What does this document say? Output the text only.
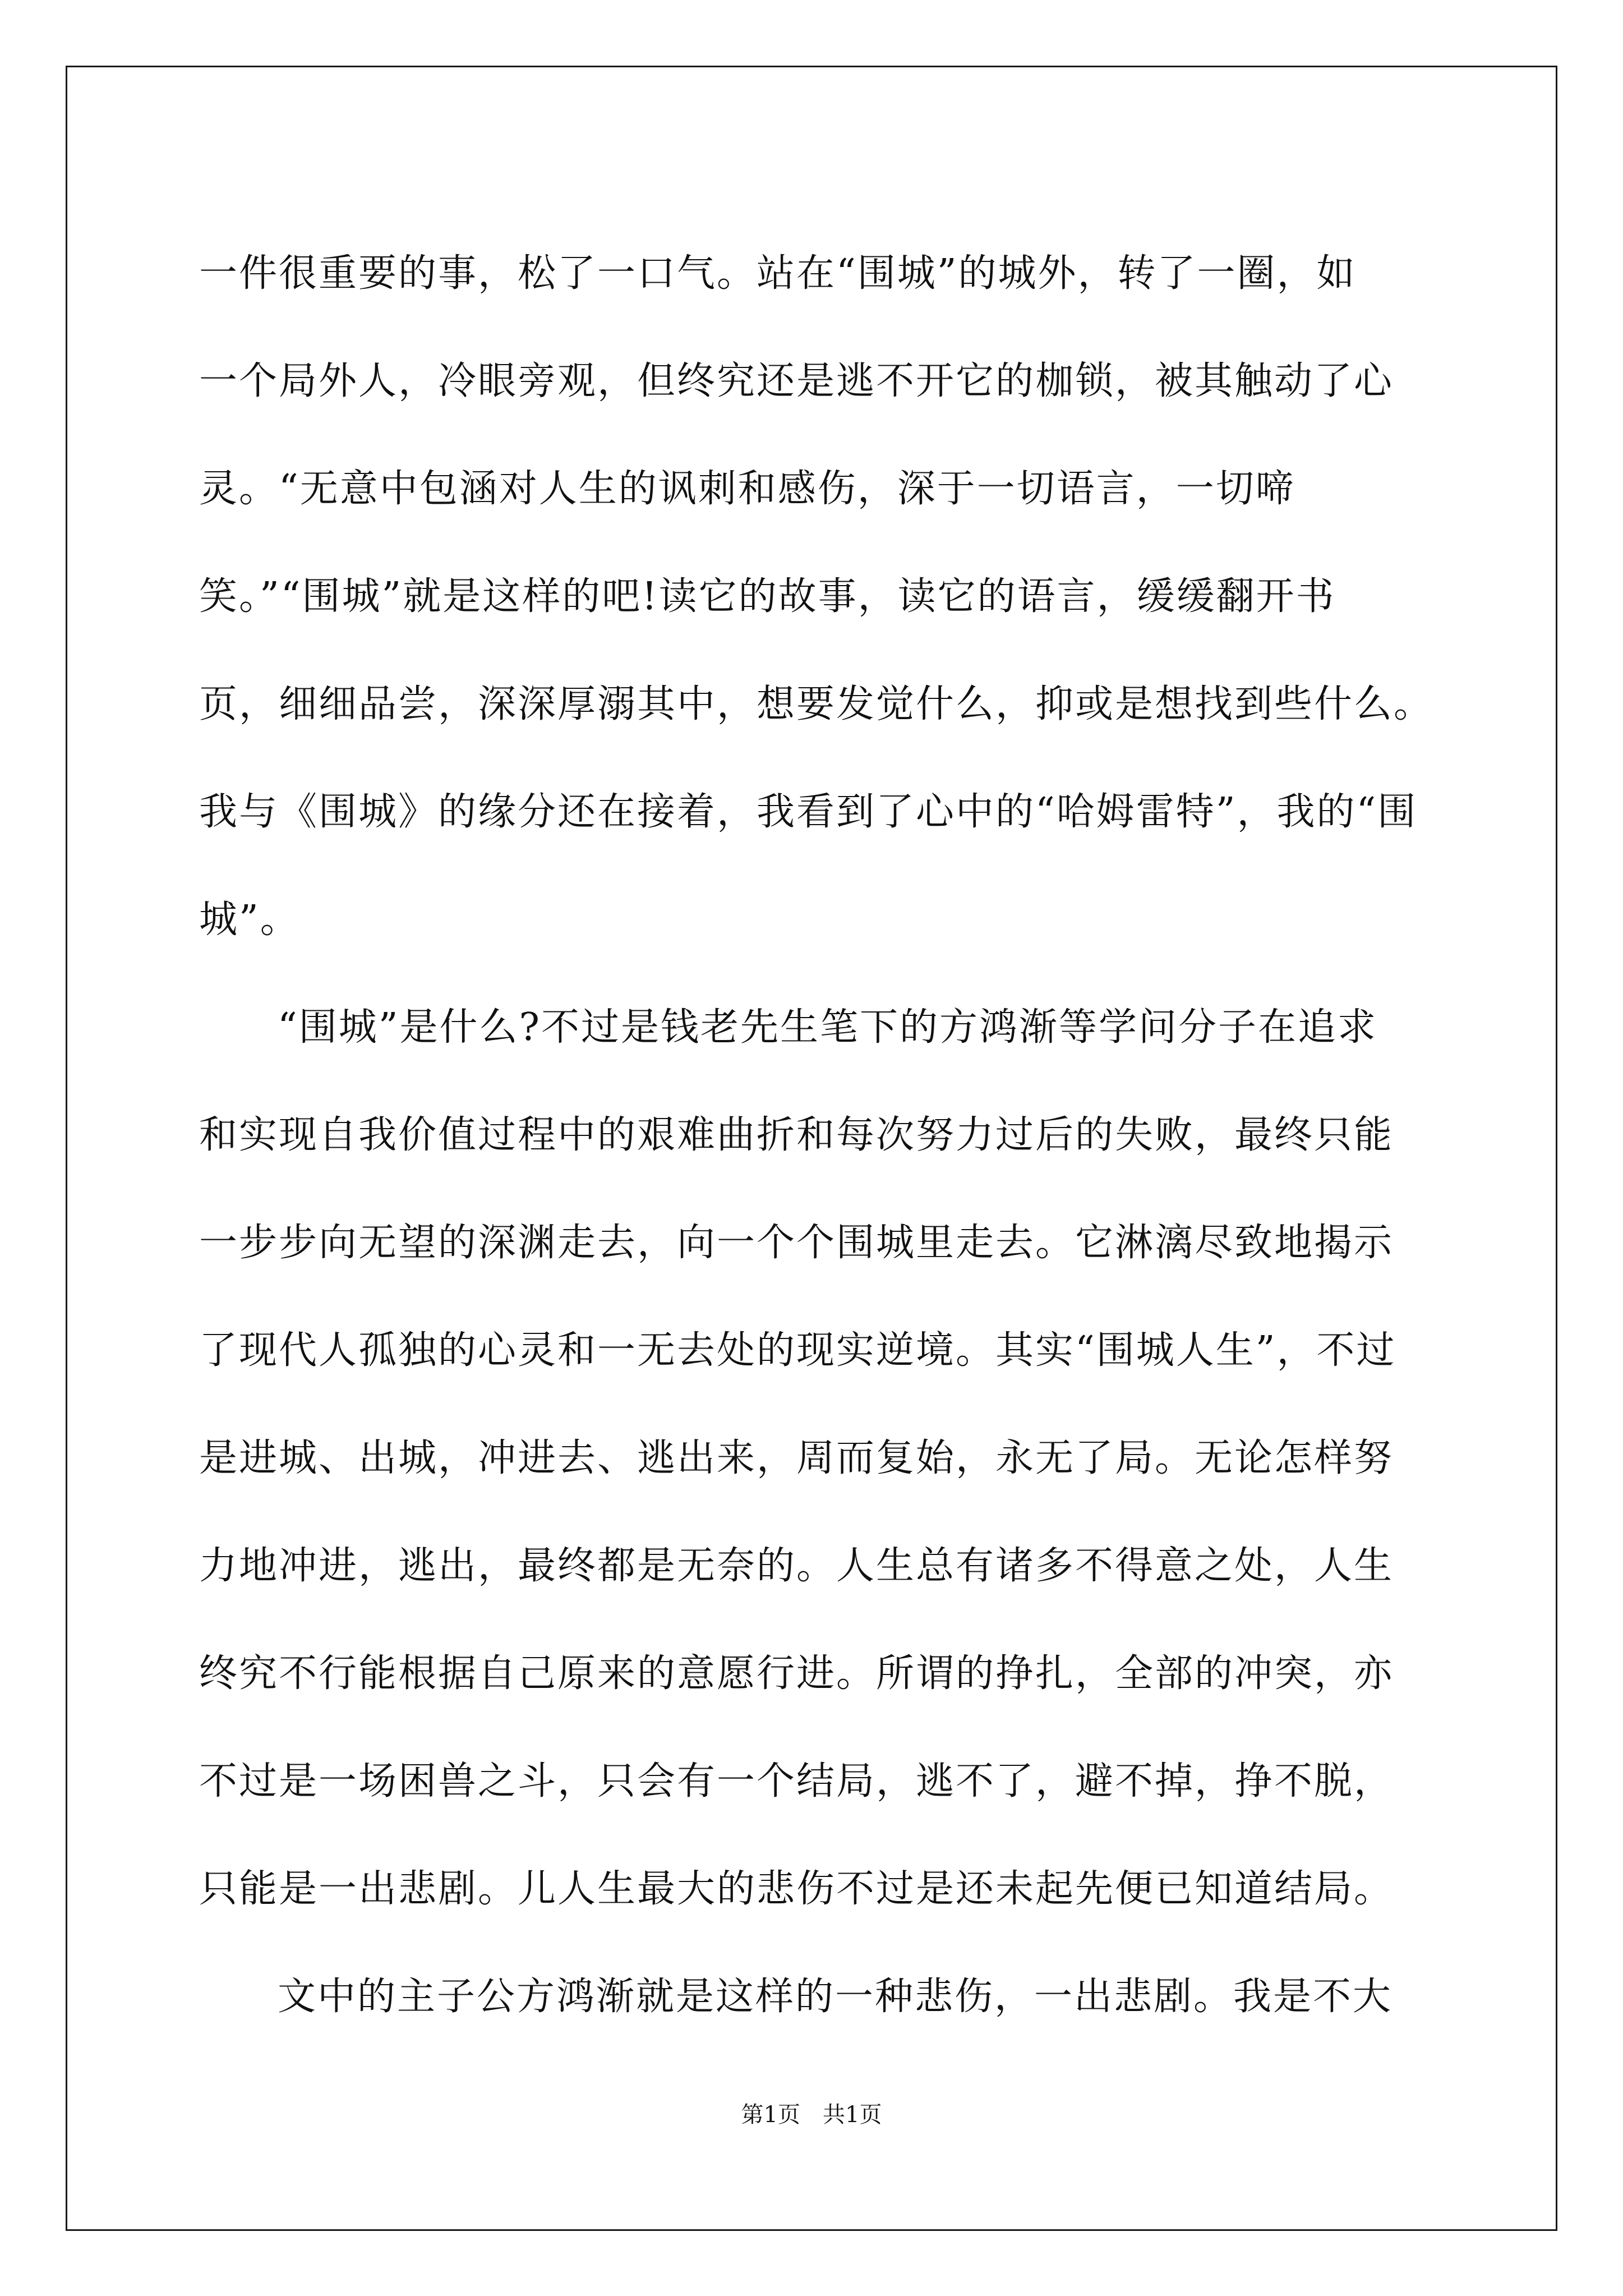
一件很重要的事，松了一口气。站在“围城”的城外，转了一圈，如
一个局外人，冷眼旁观，但终究还是逃不开它的枷锁，被其触动了心
灵。“无意中包涵对人生的讽刺和感伤，深于一切语言，一切啼
笑。”“围城”就是这样的吧!读它的故事，读它的语言，缓缓翻开书
页，细细品尝，深深厚溺其中，想要发觉什么，抑或是想找到些什么。
我与《围城》的缘分还在接着，我看到了心中的“哈姆雷特”，我的“围
城”。
“围城”是什么?不过是钱老先生笔下的方鸿渐等学问分子在追求
和实现自我价值过程中的艰难曲折和每次努力过后的失败，最终只能
一步步向无望的深渊走去，向一个个围城里走去。它淋漓尽致地揭示
了现代人孤独的心灵和一无去处的现实逆境。其实“围城人生”，不过
是进城、出城，冲进去、逃出来，周而复始，永无了局。无论怎样努
力地冲进，逃出，最终都是无奈的。人生总有诸多不得意之处，人生
终究不行能根据自己原来的意愿行进。所谓的挣扎，全部的冲突，亦
不过是一场困兽之斗，只会有一个结局，逃不了，避不掉，挣不脱，
只能是一出悲剧。儿人生最大的悲伤不过是还未起先便已知道结局。
文中的主子公方鸿渐就是这样的一种悲伤，一出悲剧。我是不大
第1页　共1页
